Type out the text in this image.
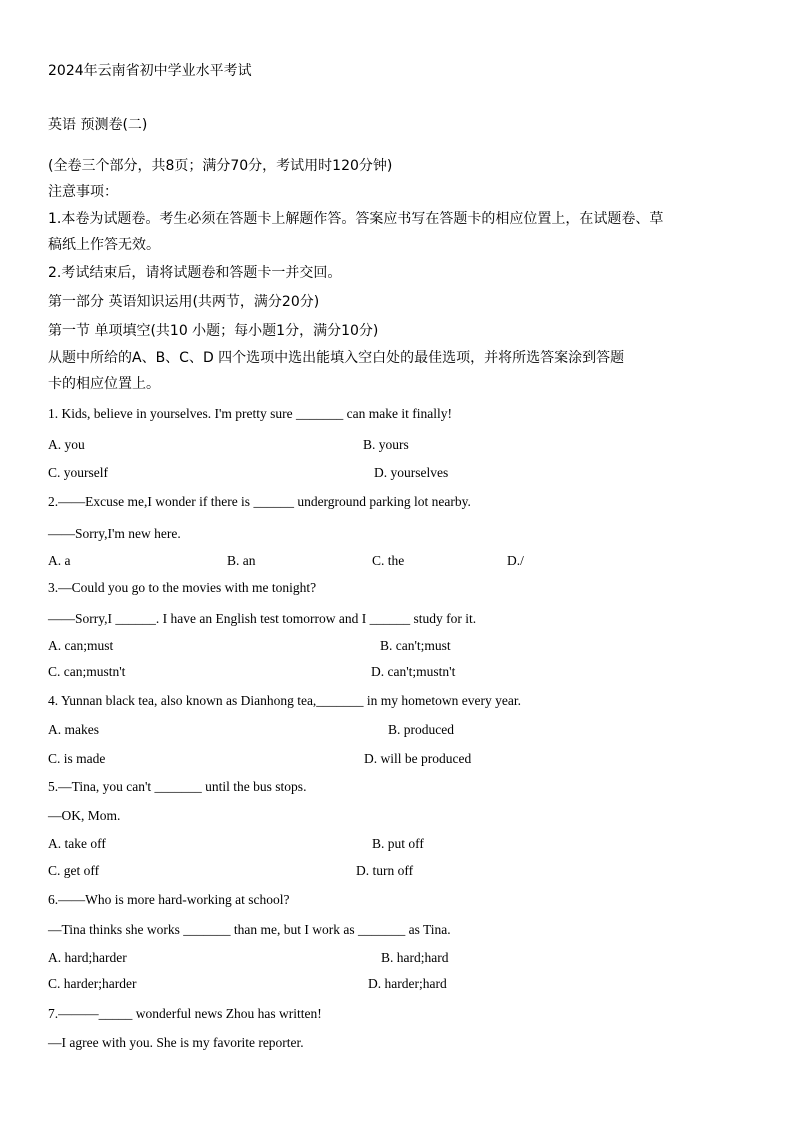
2024年云南省初中学业水平考试
英语 预测卷(二)
(全卷三个部分，共8页；满分70分，考试用时120分钟)
注意事项：
1.本卷为试题卷。考生必须在答题卡上解题作答。答案应书写在答题卡的相应位置上，在试题卷、草
稿纸上作答无效。
2.考试结束后，请将试题卷和答题卡一并交回。
第一部分 英语知识运用(共两节，满分20分)
第一节 单项填空(共10 小题；每小题1分，满分10分)
从题中所给的A、B、C、D 四个选项中选出能填入空白处的最佳选项，并将所选答案涂到答题
卡的相应位置上。
1. Kids, believe in yourselves. I'm pretty sure _______ can make it finally!
A. you	B. yours
C. yourself	D. yourselves
2.——Excuse me,I wonder if there is ______ underground parking lot nearby.
——Sorry,I'm new here.
A. a	B. an	C. the	D./
3.—Could you go to the movies with me tonight?
——Sorry,I ______. I have an English test tomorrow and I ______ study for it.
A. can;must	B. can't;must
C. can;mustn't	D. can't;mustn't
4. Yunnan black tea, also known as Dianhong tea,_______ in my hometown every year.
A. makes	B. produced
C. is made	D. will be produced
5.—Tina, you can't _______ until the bus stops.
—OK, Mom.
A. take off	B. put off
C. get off	D. turn off
6.——Who is more hard-working at school?
—Tina thinks she works _______ than me, but I work as _______ as Tina.
A. hard;harder	B. hard;hard
C. harder;harder	D. harder;hard
7.———_____ wonderful news Zhou has written!
—I agree with you. She is my favorite reporter.
